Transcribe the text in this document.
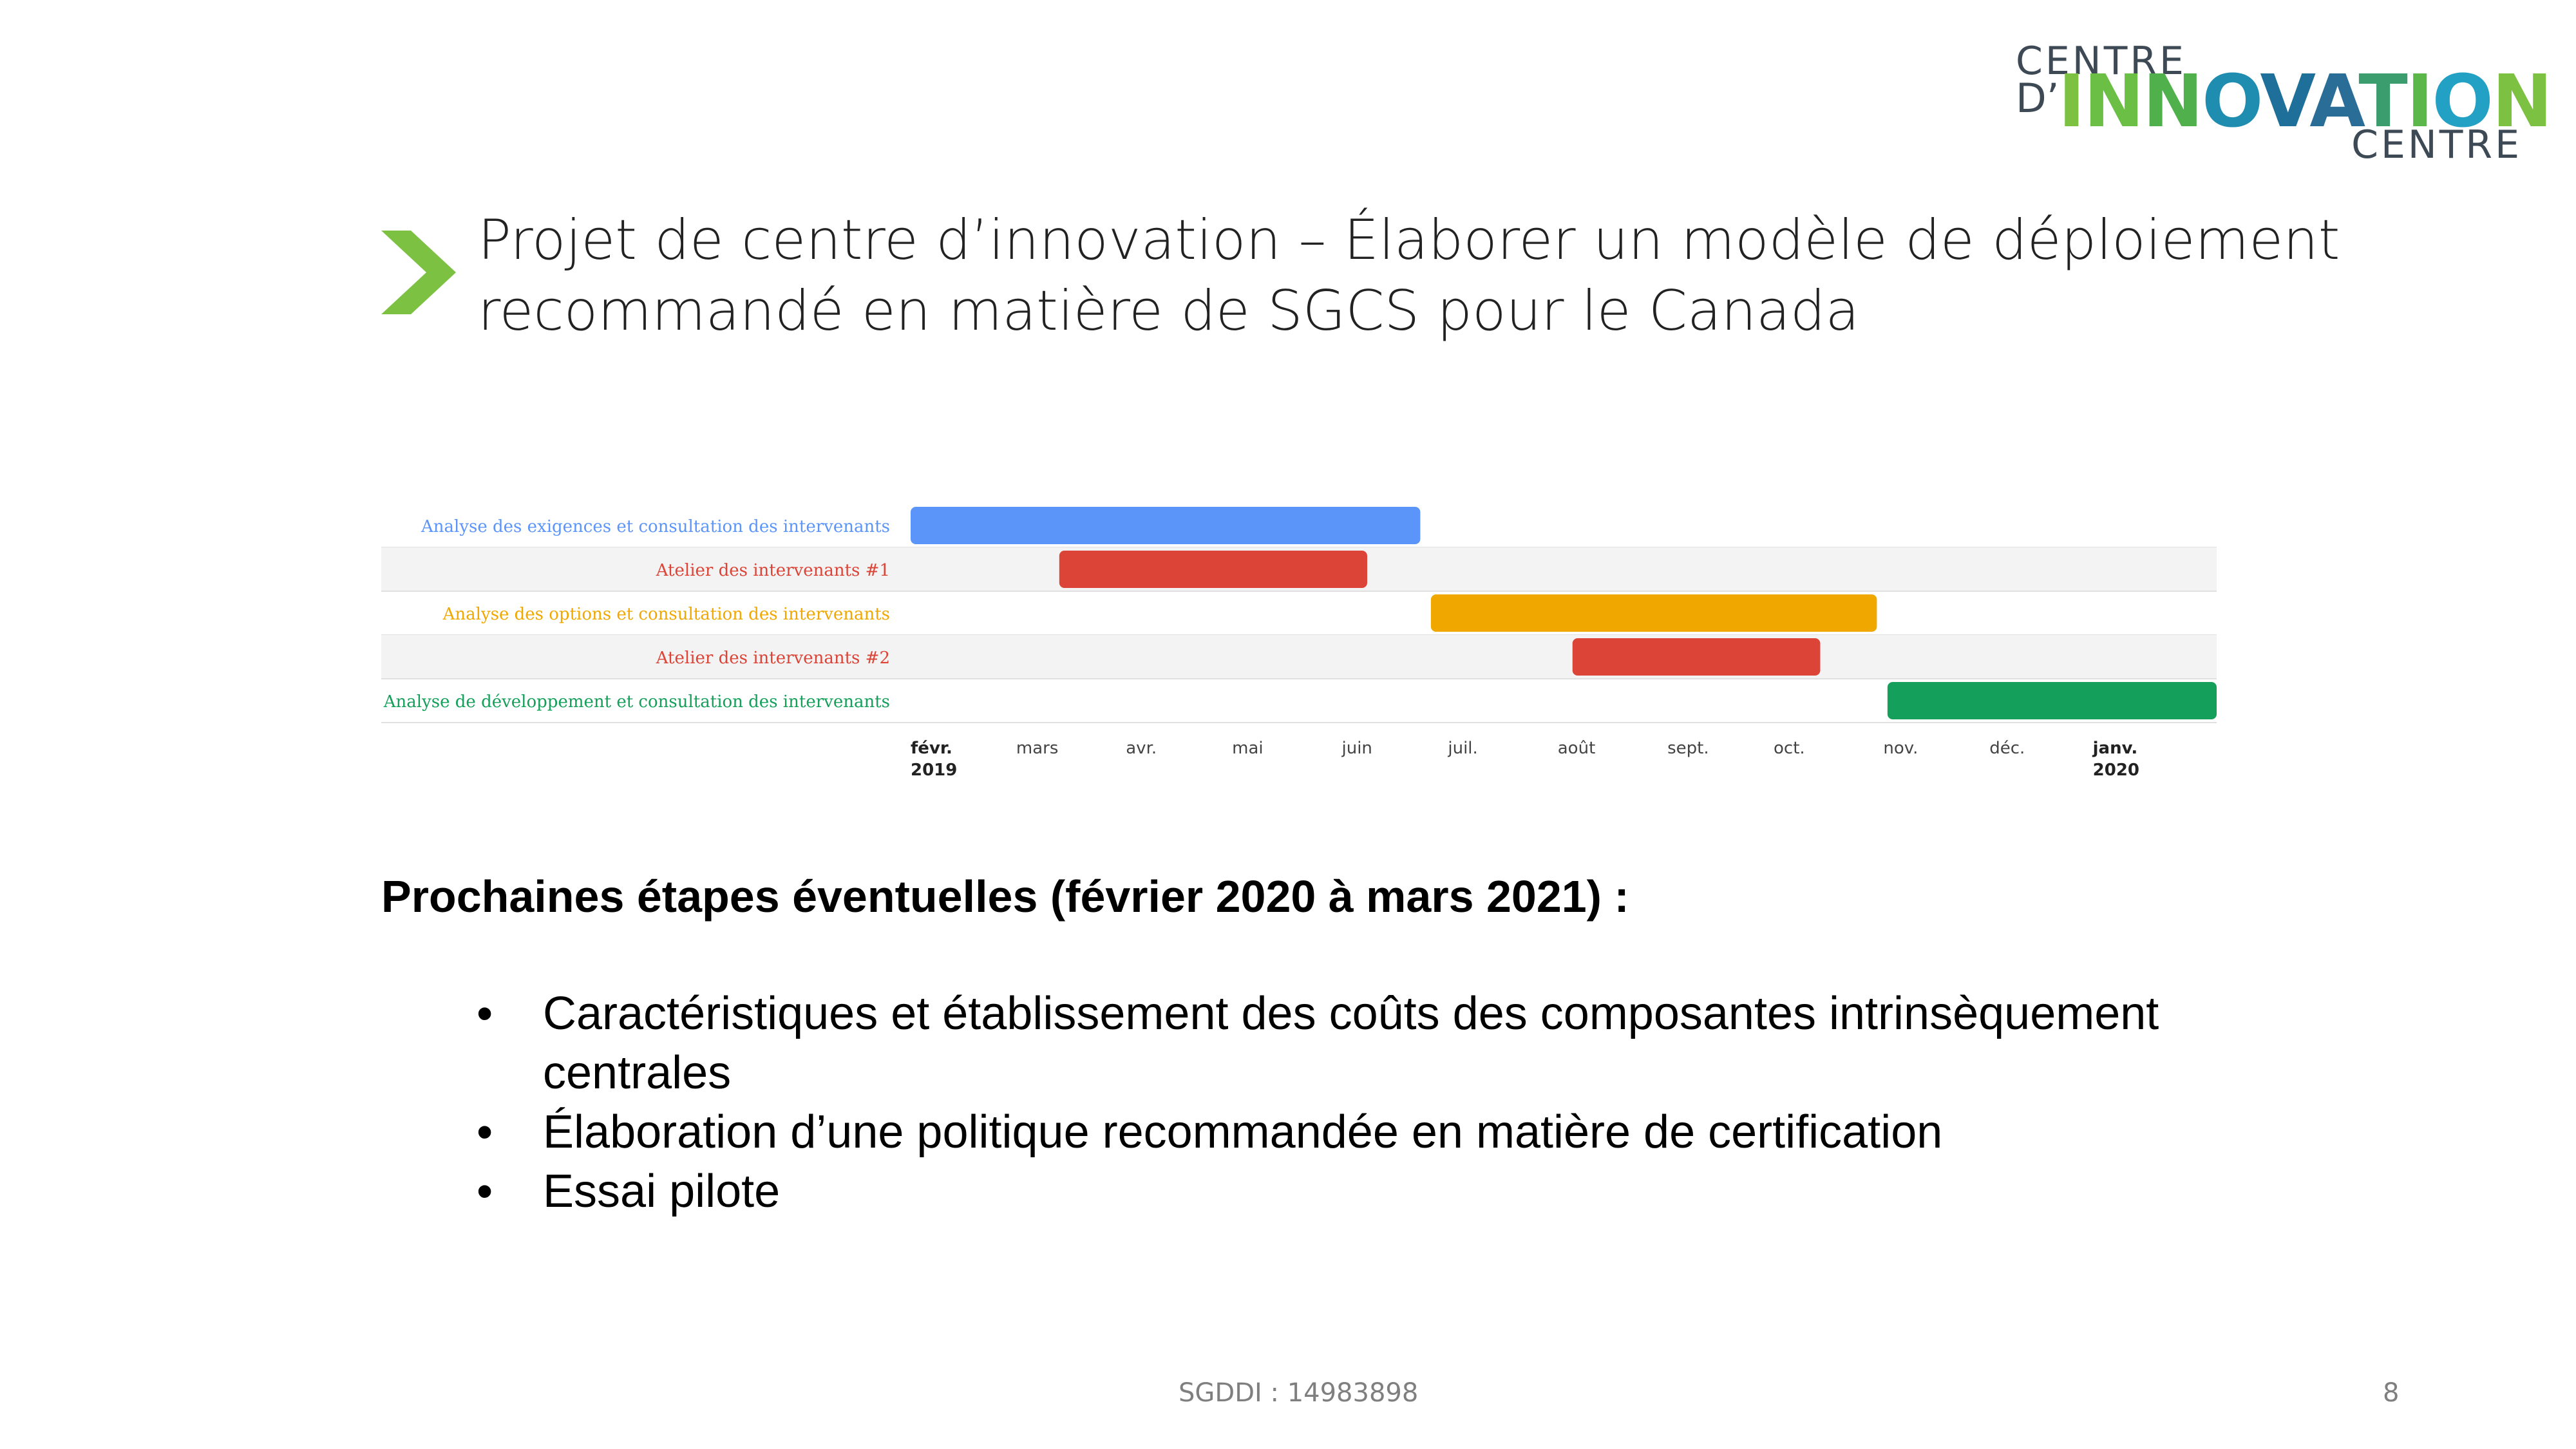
CENTRE
D’
INNOVATION
CENTRE
Projet de centre d’innovation – Élaborer un modèle de déploiement recommandé en matière de SGCS pour le Canada
Analyse des exigences et consultation des intervenants
Atelier des intervenants #1
Analyse des options et consultation des intervenants
Atelier des intervenants #2
Analyse de développement et consultation des intervenants
févr.
2019
mars	avr.	mai	juin	juil.	août	sept.	oct.	nov.	déc.	janv.
2020
Prochaines étapes éventuelles (février 2020 à mars 2021) :
• Caractéristiques et établissement des coûts des composantes intrinsèquement centrales
• Élaboration d’une politique recommandée en matière de certification
• Essai pilote
SGDDI : 14983898	8
